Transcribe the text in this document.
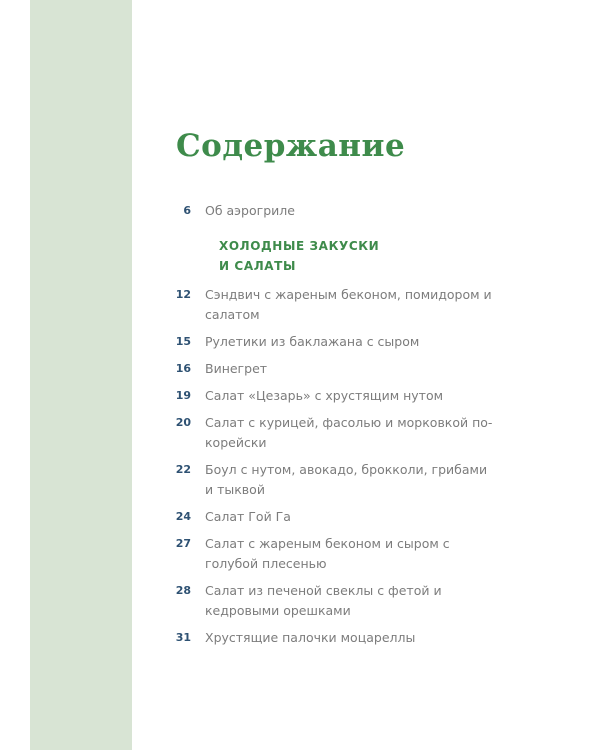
Содержание
6	Об аэрогриле
ХОЛОДНЫЕ ЗАКУСКИ
И САЛАТЫ
12	Сэндвич с жареным беконом, помидором и салатом
15	Рулетики из баклажана с сыром
16	Винегрет
19	Салат «Цезарь» с хрустящим нутом
20	Салат с курицей, фасолью и морковкой по-корейски
22	Боул с нутом, авокадо, брокколи, грибами и тыквой
24	Салат Гой Га
27	Салат с жареным беконом и сыром с голубой плесенью
28	Салат из печеной свеклы с фетой и кедровыми орешками
31	Хрустящие палочки моцареллы
